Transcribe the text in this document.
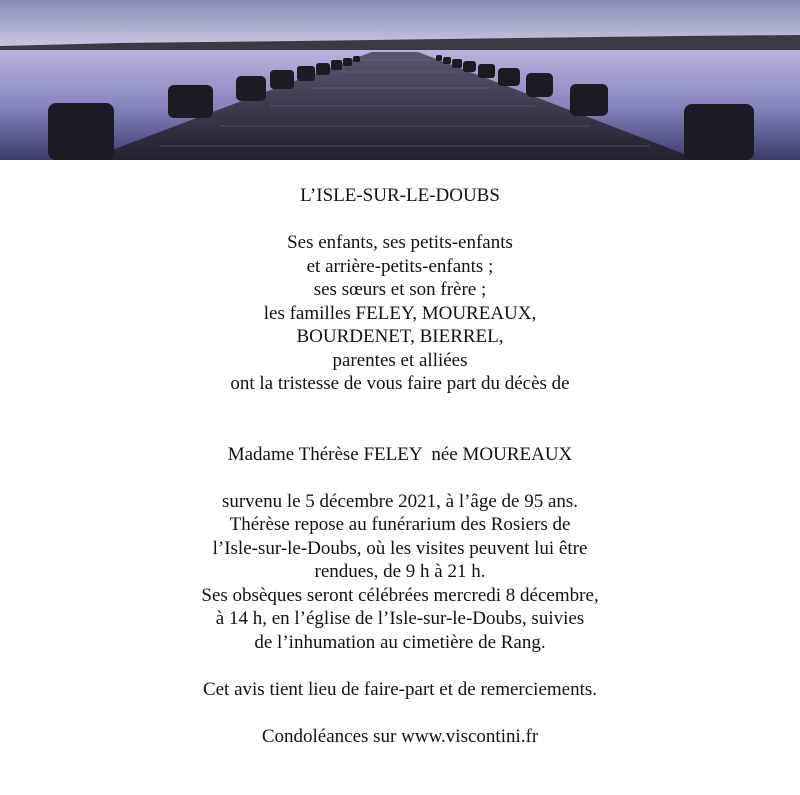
L’ISLE-SUR-LE-DOUBS
Ses enfants, ses petits-enfants
et arrière-petits-enfants ;
ses sœurs et son frère ;
les familles FELEY, MOUREAUX,
BOURDENET, BIERREL,
parentes et alliées
ont la tristesse de vous faire part du décès de
Madame Thérèse FELEY  née MOUREAUX
survenu le 5 décembre 2021, à l’âge de 95 ans.
Thérèse repose au funérarium des Rosiers de
l’Isle-sur-le-Doubs, où les visites peuvent lui être
rendues, de 9 h à 21 h.
Ses obsèques seront célébrées mercredi 8 décembre,
à 14 h, en l’église de l’Isle-sur-le-Doubs, suivies
de l’inhumation au cimetière de Rang.
Cet avis tient lieu de faire-part et de remerciements.
Condoléances sur www.viscontini.fr
